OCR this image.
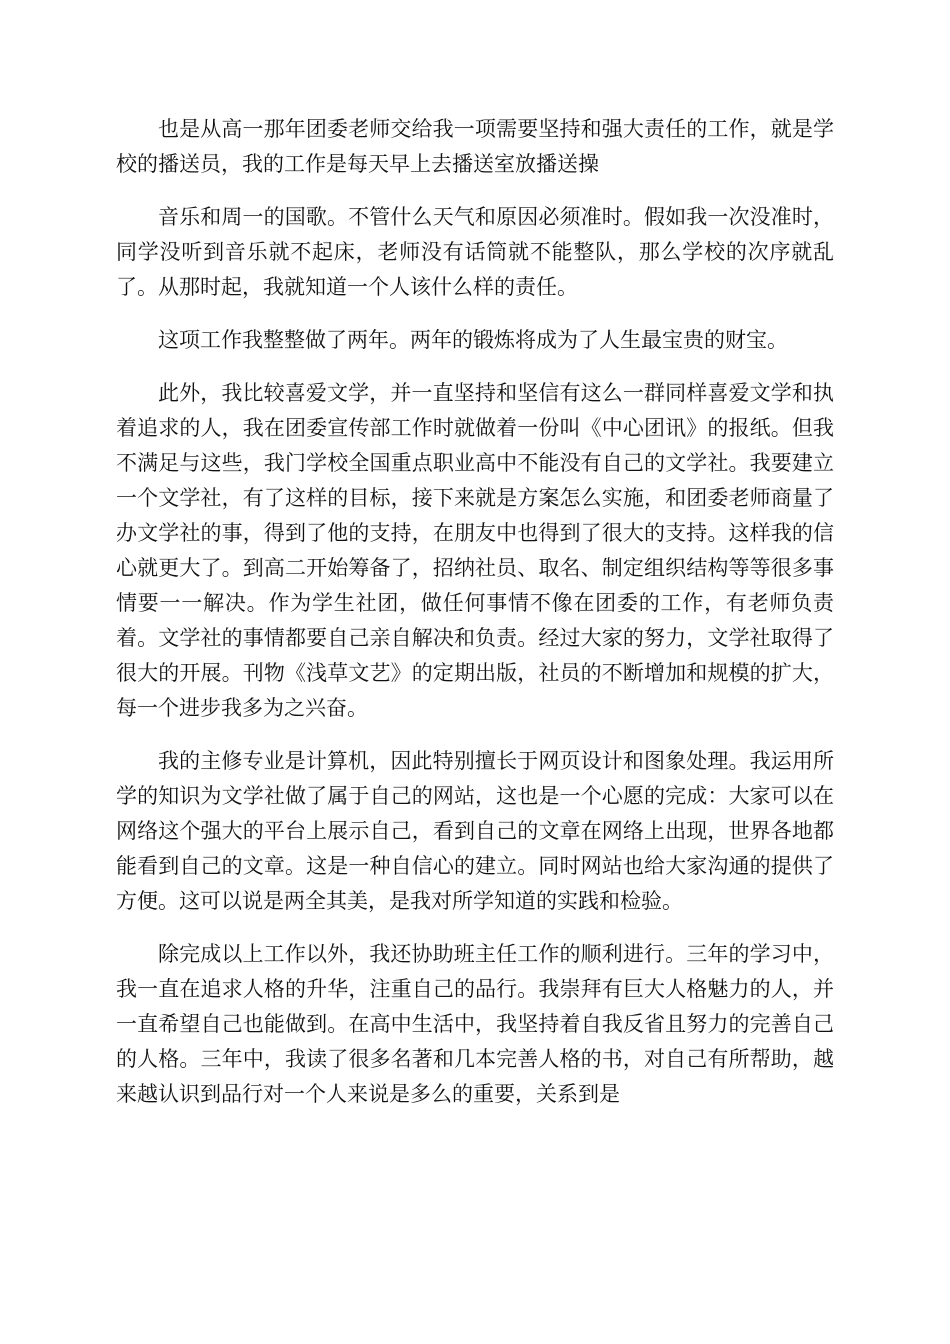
也是从高一那年团委老师交给我一项需要坚持和强大责任的工作，就是学校的播送员，我的工作是每天早上去播送室放播送操

音乐和周一的国歌。不管什么天气和原因必须准时。假如我一次没准时，同学没听到音乐就不起床，老师没有话筒就不能整队，那么学校的次序就乱了。从那时起，我就知道一个人该什么样的责任。

这项工作我整整做了两年。两年的锻炼将成为了人生最宝贵的财宝。

此外，我比较喜爱文学，并一直坚持和坚信有这么一群同样喜爱文学和执着追求的人，我在团委宣传部工作时就做着一份叫《中心团讯》的报纸。但我不满足与这些，我门学校全国重点职业高中不能没有自己的文学社。我要建立一个文学社，有了这样的目标，接下来就是方案怎么实施，和团委老师商量了办文学社的事，得到了他的支持，在朋友中也得到了很大的支持。这样我的信心就更大了。到高二开始筹备了，招纳社员、取名、制定组织结构等等很多事情要一一解决。作为学生社团，做任何事情不像在团委的工作，有老师负责着。文学社的事情都要自己亲自解决和负责。经过大家的努力，文学社取得了很大的开展。刊物《浅草文艺》的定期出版，社员的不断增加和规模的扩大，每一个进步我多为之兴奋。

我的主修专业是计算机，因此特别擅长于网页设计和图象处理。我运用所学的知识为文学社做了属于自己的网站，这也是一个心愿的完成：大家可以在网络这个强大的平台上展示自己，看到自己的文章在网络上出现，世界各地都能看到自己的文章。这是一种自信心的建立。同时网站也给大家沟通的提供了方便。这可以说是两全其美，是我对所学知道的实践和检验。

除完成以上工作以外，我还协助班主任工作的顺利进行。三年的学习中，我一直在追求人格的升华，注重自己的品行。我崇拜有巨大人格魅力的人，并一直希望自己也能做到。在高中生活中，我坚持着自我反省且努力的完善自己的人格。三年中，我读了很多名著和几本完善人格的书，对自己有所帮助，越来越认识到品行对一个人来说是多么的重要，关系到是
